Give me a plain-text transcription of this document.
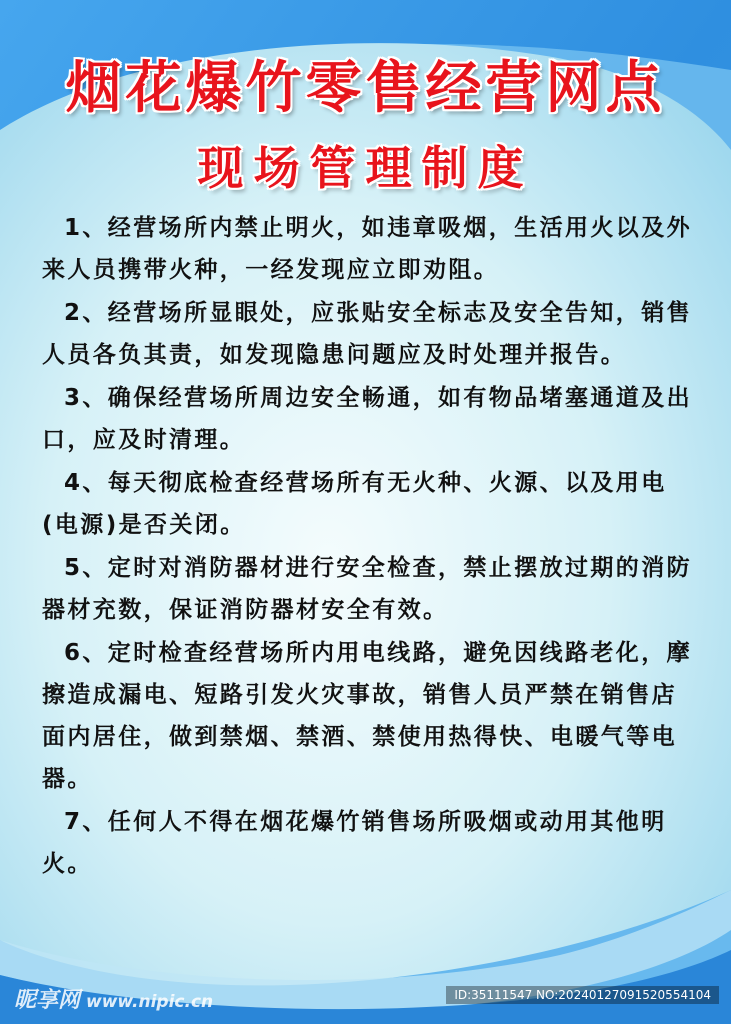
烟花爆竹零售经营网点
现场管理制度
1、经营场所内禁止明火，如违章吸烟，生活用火以及外来人员携带火种，一经发现应立即劝阻。
2、经营场所显眼处，应张贴安全标志及安全告知，销售人员各负其责，如发现隐患问题应及时处理并报告。
3、确保经营场所周边安全畅通，如有物品堵塞通道及出口，应及时清理。
4、每天彻底检查经营场所有无火种、火源、以及用电(电源)是否关闭。
5、定时对消防器材进行安全检查，禁止摆放过期的消防器材充数，保证消防器材安全有效。
6、定时检查经营场所内用电线路，避免因线路老化，摩擦造成漏电、短路引发火灾事故，销售人员严禁在销售店面内居住，做到禁烟、禁酒、禁使用热得快、电暖气等电器。
7、任何人不得在烟花爆竹销售场所吸烟或动用其他明火。
昵享网 www.nipic.cn	ID:35111547 NO:20240127091520554104
